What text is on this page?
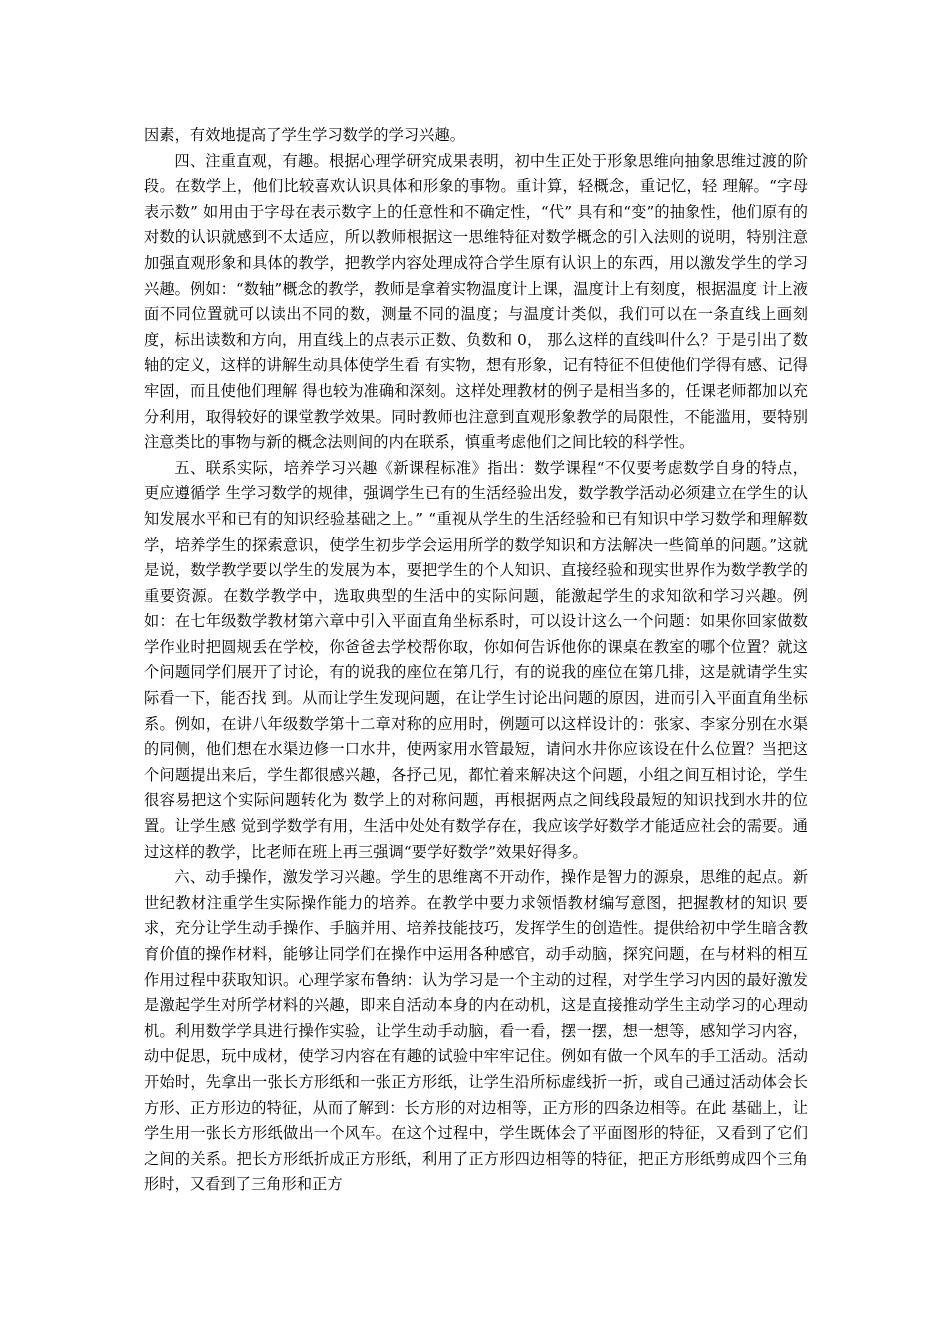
因素，有效地提高了学生学习数学的学习兴趣。

四、注重直观，有趣。根据心理学研究成果表明，初中生正处于形象思维向抽象思维过渡的阶段。在数学上，他们比较喜欢认识具体和形象的事物。重计算，轻概念，重记忆，轻 理解。“字母表示数” 如用由于字母在表示数字上的任意性和不确定性，“代” 具有和“变”的抽象性，他们原有的对数的认识就感到不太适应，所以教师根据这一思维特征对数学概念的引入法则的说明，特别注意加强直观形象和具体的教学，把教学内容处理成符合学生原有认识上的东西，用以激发学生的学习兴趣。例如：“数轴”概念的教学，教师是拿着实物温度计上课，温度计上有刻度，根据温度 计上液面不同位置就可以读出不同的数，测量不同的温度；与温度计类似，我们可以在一条直线上画刻度，标出读数和方向，用直线上的点表示正数、负数和 0， 那么这样的直线叫什么？于是引出了数轴的定义，这样的讲解生动具体使学生看 有实物，想有形象，记有特征不但使他们学得有感、记得牢固，而且使他们理解 得也较为准确和深刻。这样处理教材的例子是相当多的，任课老师都加以充分利用，取得较好的课堂教学效果。同时教师也注意到直观形象教学的局限性，不能滥用，要特别注意类比的事物与新的概念法则间的内在联系，慎重考虑他们之间比较的科学性。

五、联系实际，培养学习兴趣《新课程标准》指出：数学课程“不仅要考虑数学自身的特点，更应遵循学 生学习数学的规律，强调学生已有的生活经验出发，数学教学活动必须建立在学生的认知发展水平和已有的知识经验基础之上。” “重视从学生的生活经验和已有知识中学习数学和理解数学，培养学生的探索意识，使学生初步学会运用所学的数学知识和方法解决一些简单的问题。”这就是说，数学教学要以学生的发展为本，要把学生的个人知识、直接经验和现实世界作为数学教学的重要资源。在数学教学中，选取典型的生活中的实际问题，能激起学生的求知欲和学习兴趣。例如：在七年级数学教材第六章中引入平面直角坐标系时，可以设计这么一个问题：如果你回家做数学作业时把圆规丢在学校，你爸爸去学校帮你取，你如何告诉他你的课桌在教室的哪个位置？就这个问题同学们展开了讨论，有的说我的座位在第几行，有的说我的座位在第几排，这是就请学生实际看一下，能否找 到。从而让学生发现问题，在让学生讨论出问题的原因，进而引入平面直角坐标系。例如，在讲八年级数学第十二章对称的应用时，例题可以这样设计的：张家、李家分别在水渠的同侧，他们想在水渠边修一口水井，使两家用水管最短，请问水井你应该设在什么位置？当把这个问题提出来后，学生都很感兴趣，各抒己见，都忙着来解决这个问题，小组之间互相讨论，学生很容易把这个实际问题转化为 数学上的对称问题，再根据两点之间线段最短的知识找到水井的位置。让学生感 觉到学数学有用，生活中处处有数学存在，我应该学好数学才能适应社会的需要。通过这样的教学，比老师在班上再三强调“要学好数学”效果好得多。

六、动手操作，激发学习兴趣。学生的思维离不开动作，操作是智力的源泉，思维的起点。新世纪教材注重学生实际操作能力的培养。在教学中要力求领悟教材编写意图，把握教材的知识 要求，充分让学生动手操作、手脑并用、培养技能技巧，发挥学生的创造性。提供给初中学生暗含教育价值的操作材料，能够让同学们在操作中运用各种感官，动手动脑，探究问题，在与材料的相互作用过程中获取知识。心理学家布鲁纳：认为学习是一个主动的过程，对学生学习内因的最好激发是激起学生对所学材料的兴趣，即来自活动本身的内在动机，这是直接推动学生主动学习的心理动机。利用数学学具进行操作实验，让学生动手动脑，看一看，摆一摆，想一想等，感知学习内容，动中促思，玩中成材，使学习内容在有趣的试验中牢牢记住。例如有做一个风车的手工活动。活动开始时，先拿出一张长方形纸和一张正方形纸，让学生沿所标虚线折一折，或自己通过活动体会长方形、正方形边的特征，从而了解到：长方形的对边相等，正方形的四条边相等。在此 基础上，让学生用一张长方形纸做出一个风车。在这个过程中，学生既体会了平面图形的特征，又看到了它们之间的关系。把长方形纸折成正方形纸，利用了正方形四边相等的特征，把正方形纸剪成四个三角形时，又看到了三角形和正方
